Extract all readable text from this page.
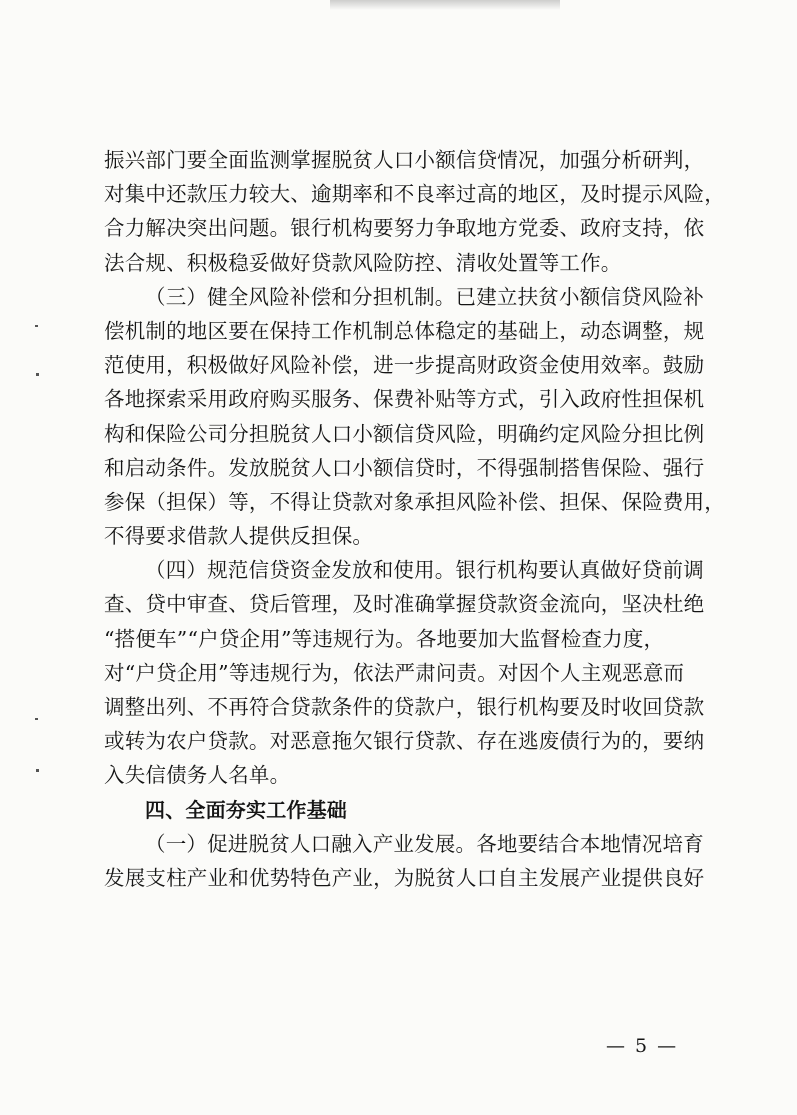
振兴部门要全面监测掌握脱贫人口小额信贷情况，加强分析研判，
对集中还款压力较大、逾期率和不良率过高的地区，及时提示风险，
合力解决突出问题。银行机构要努力争取地方党委、政府支持，依
法合规、积极稳妥做好贷款风险防控、清收处置等工作。
（三）健全风险补偿和分担机制。已建立扶贫小额信贷风险补
偿机制的地区要在保持工作机制总体稳定的基础上，动态调整，规
范使用，积极做好风险补偿，进一步提高财政资金使用效率。鼓励
各地探索采用政府购买服务、保费补贴等方式，引入政府性担保机
构和保险公司分担脱贫人口小额信贷风险，明确约定风险分担比例
和启动条件。发放脱贫人口小额信贷时，不得强制搭售保险、强行
参保（担保）等，不得让贷款对象承担风险补偿、担保、保险费用，
不得要求借款人提供反担保。
（四）规范信贷资金发放和使用。银行机构要认真做好贷前调
查、贷中审查、贷后管理，及时准确掌握贷款资金流向，坚决杜绝
“搭便车”“户贷企用”等违规行为。各地要加大监督检查力度，
对“户贷企用”等违规行为，依法严肃问责。对因个人主观恶意而
调整出列、不再符合贷款条件的贷款户，银行机构要及时收回贷款
或转为农户贷款。对恶意拖欠银行贷款、存在逃废债行为的，要纳
入失信债务人名单。
四、全面夯实工作基础
（一）促进脱贫人口融入产业发展。各地要结合本地情况培育
发展支柱产业和优势特色产业，为脱贫人口自主发展产业提供良好
— 5 —
